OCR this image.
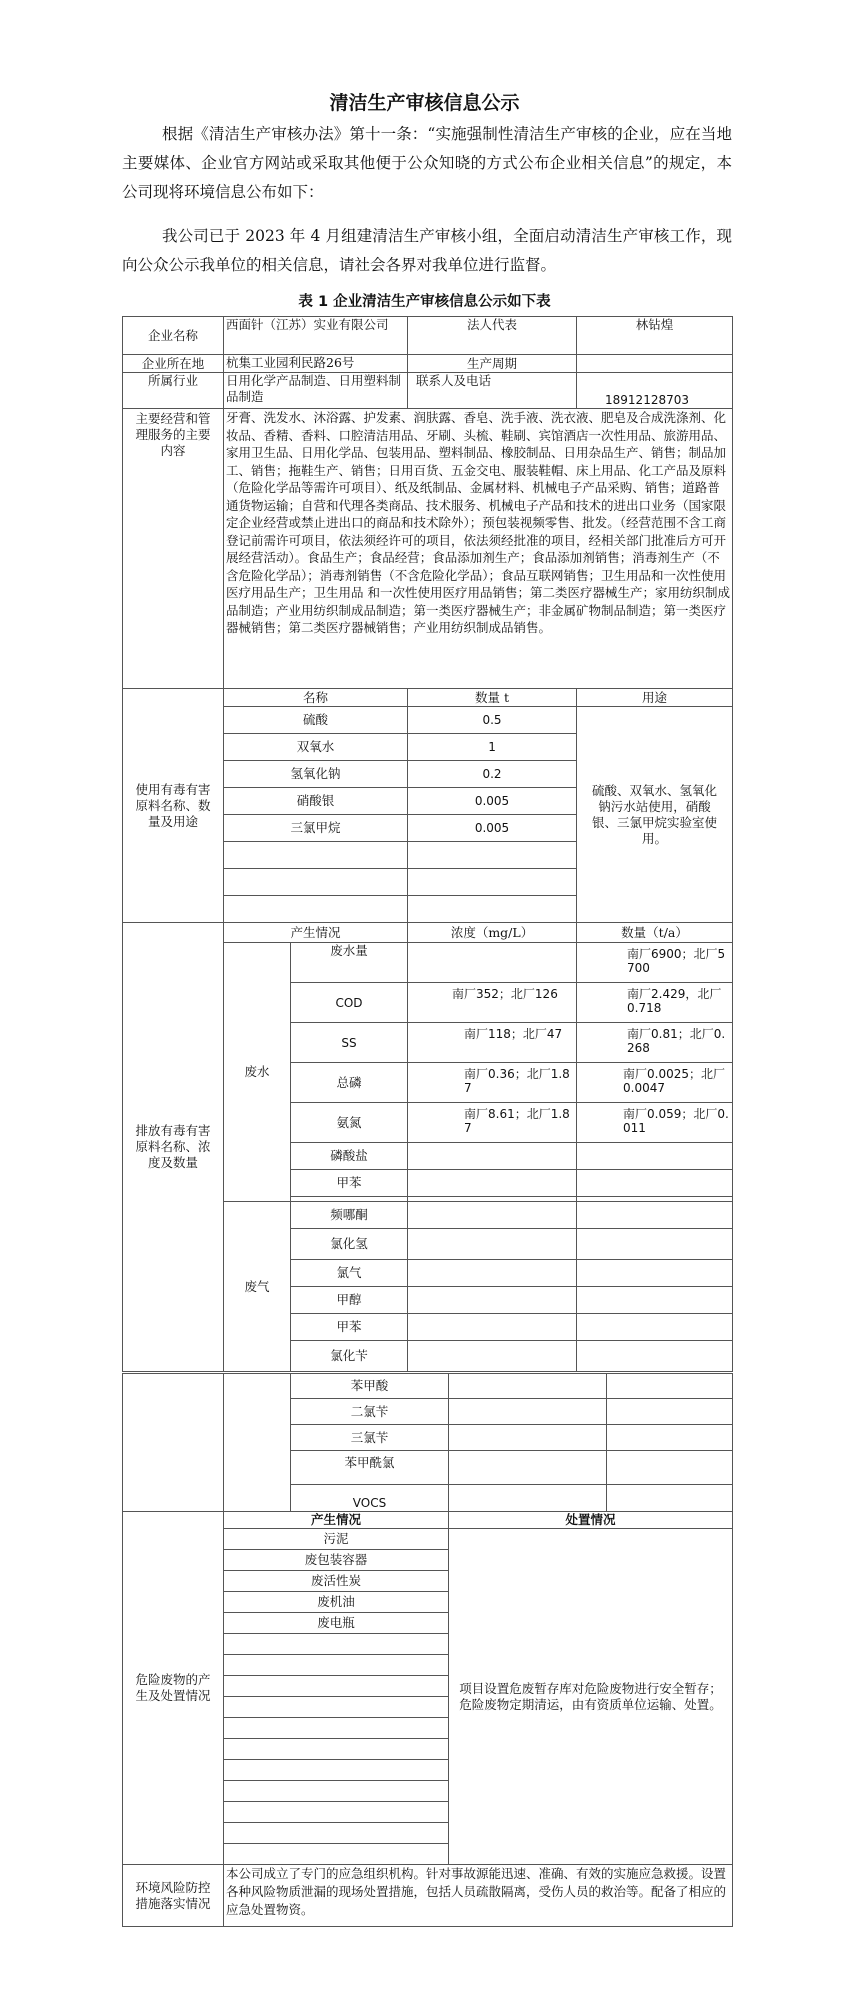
清洁生产审核信息公示

根据《清洁生产审核办法》第十一条：“实施强制性清洁生产审核的企业，应在当地主要媒体、企业官方网站或采取其他便于公众知晓的方式公布企业相关信息”的规定，本公司现将环境信息公布如下：

我公司已于 2023 年 4 月组建清洁生产审核小组，全面启动清洁生产审核工作，现向公众公示我单位的相关信息，请社会各界对我单位进行监督。

表 1 企业清洁生产审核信息公示如下表
企业名称	西面针（江苏）实业有限公司		法人代表	林钻煌
企业所在地	杭集工业园利民路26号		生产周期	
所属行业	日用化学产品制造、日用塑料制品制造		联系人及电话	18912128703
主要经营和管理服务的主要内容	牙膏、洗发水、沐浴露、护发素、润肤露、香皂、洗手液、洗衣液、肥皂及合成洗涤剂、化妆品、香精、香料、口腔清洁用品、牙刷、头梳、鞋刷、宾馆酒店一次性用品、旅游用品、家用卫生品、日用化学品、包装用品、塑料制品、橡胶制品、日用杂品生产、销售；制品加工、销售；拖鞋生产、销售；日用百货、五金交电、服装鞋帽、床上用品、化工产品及原料（危险化学品等需许可项目）、纸及纸制品、金属材料、机械电子产品采购、销售；道路普通货物运输；自营和代理各类商品、技术服务、机械电子产品和技术的进出口业务（国家限定企业经营或禁止进出口的商品和技术除外）；预包装视频零售、批发。（经营范围不含工商登记前需许可项目，依法须经许可的项目，依法须经批准的项目，经相关部门批准后方可开展经营活动）。食品生产；食品经营；食品添加剂生产；食品添加剂销售；消毒剂生产（不含危险化学品）；消毒剂销售（不含危险化学品）；食品互联网销售；卫生用品和一次性使用医疗用品生产；卫生用品 和一次性使用医疗用品销售；第二类医疗器械生产；家用纺织制成品制造；产业用纺织制成品制造；第一类医疗器械生产；非金属矿物制品制造；第一类医疗器械销售；第二类医疗器械销售；产业用纺织制成品销售。			
使用有毒有害原料名称、数量及用途	名称		数量 t	用途
	硫酸		0.5	硫酸、双氧水、氢氧化钠污水站使用，硝酸银、三氯甲烷实验室使用。
	双氧水		1	
	氢氧化钠		0.2	
	硝酸银		0.005	
	三氯甲烷		0.005	

排放有毒有害原料名称、浓度及数量	产生情况		浓度（mg/L）	数量（t/a）
	废水	废水量		南厂6900；北厂5700
		COD	南厂352；北厂126	南厂2.429，北厂0.718
		SS	南厂118；北厂47	南厂0.81；北厂0.268
		总磷	南厂0.36；北厂1.87	南厂0.0025；北厂0.0047
		氨氮	南厂8.61；北厂1.87	南厂0.059；北厂0.011
		磷酸盐		
		甲苯		

	废气	频哪酮		
		氯化氢		
		氯气		
		甲醇		
		甲苯		
		氯化苄		
		苯甲酸		
		二氯苄		
		三氯苄		
		苯甲酰氯		
		VOCS		
危险废物的产生及处置情况	产生情况		处置情况	
	污泥		项目设置危废暂存库对危险废物进行安全暂存；危险废物定期清运，由有资质单位运输、处置。	
	废包装容器			
	废活性炭			
	废机油			
	废电瓶			

环境风险防控措施落实情况	本公司成立了专门的应急组织机构。针对事故源能迅速、准确、有效的实施应急救援。设置各种风险物质泄漏的现场处置措施，包括人员疏散隔离，受伤人员的救治等。配备了相应的应急处置物资。			
